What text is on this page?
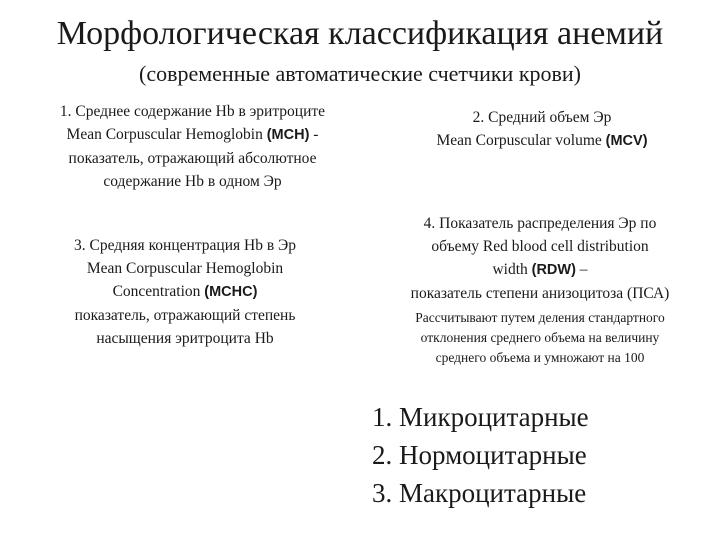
Морфологическая классификация анемий
(современные автоматические счетчики крови)
1. Среднее содержание Hb в эритроците
Mean Corpuscular Hemoglobin (MCH) -
показатель, отражающий абсолютное
содержание Hb в одном Эр
2. Средний объем Эр
Mean Corpuscular volume (MCV)
3. Средняя концентрация Hb в Эр
Mean Corpuscular Hemoglobin
Concentration (MCHC)
показатель, отражающий степень
насыщения эритроцита Hb
4. Показатель распределения Эр по
объему Red blood cell distribution
width (RDW) –
показатель степени анизоцитоза (ПСА)
Рассчитывают путем деления стандартного
отклонения среднего объема на величину
среднего объема и умножают на 100
1. Микроцитарные
2. Нормоцитарные
3. Макроцитарные
